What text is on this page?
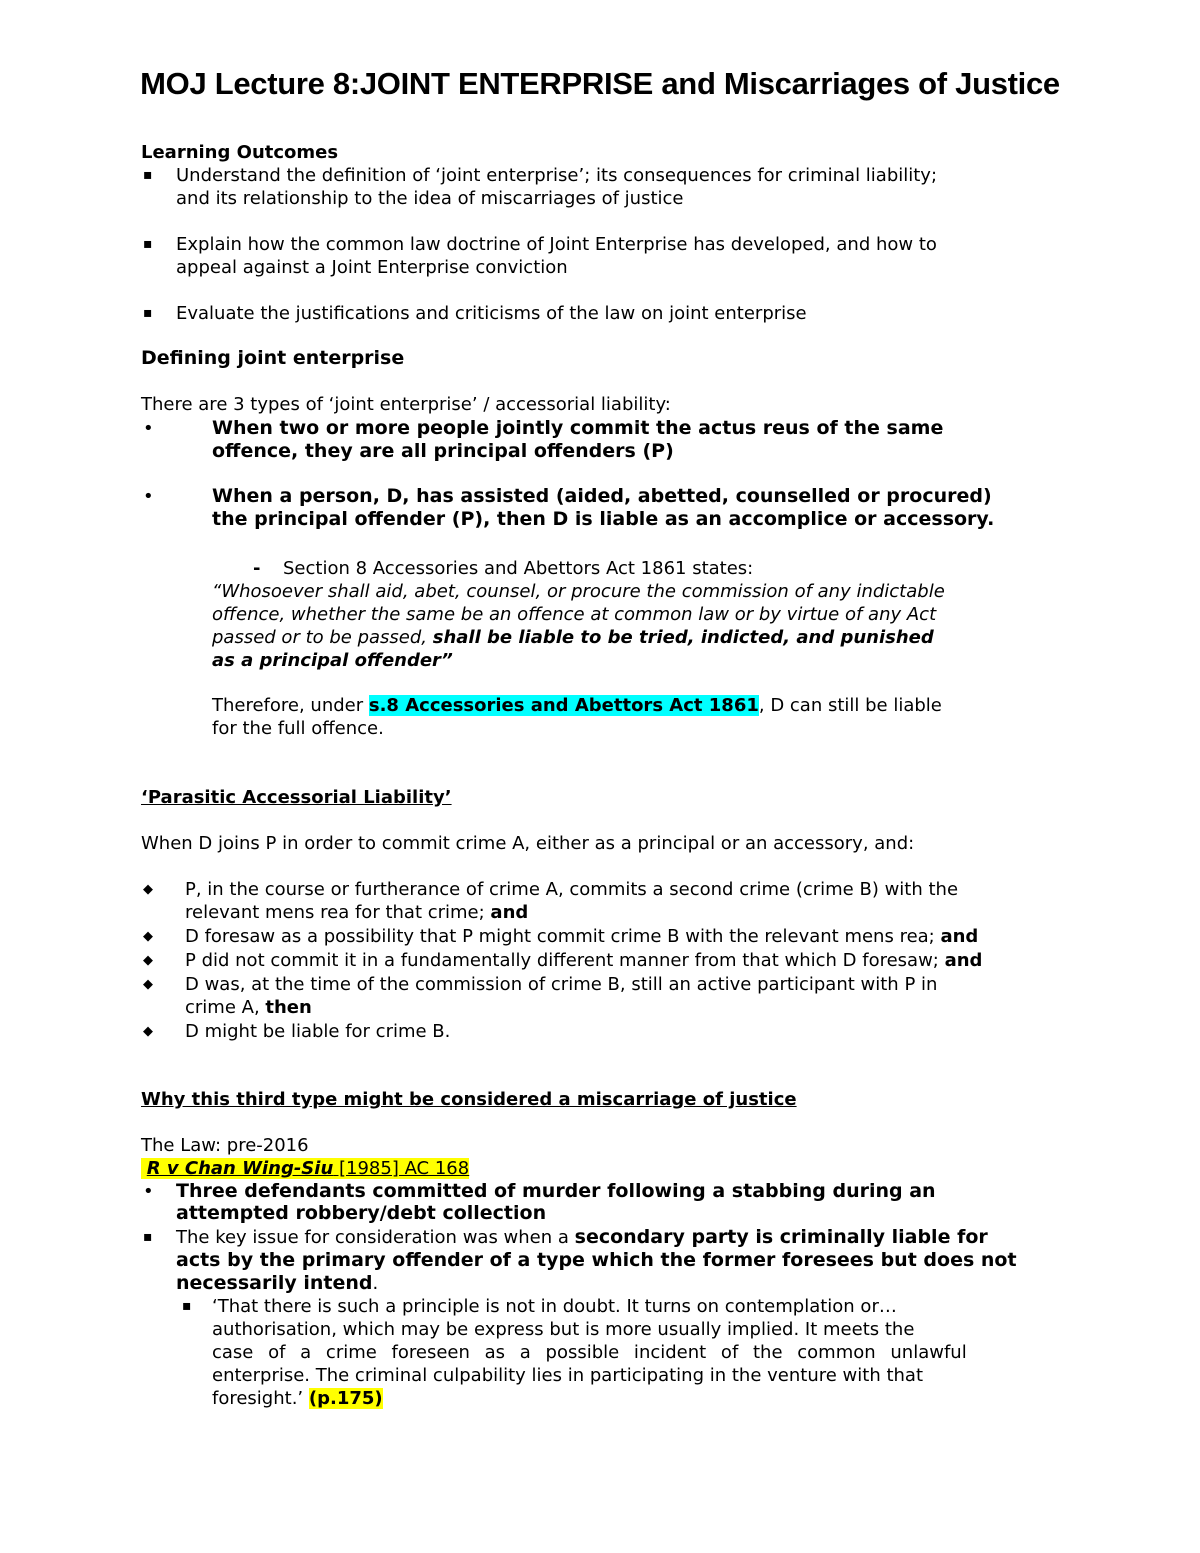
MOJ Lecture 8:JOINT ENTERPRISE and Miscarriages of Justice
Learning Outcomes
▪ Understand the definition of ‘joint enterprise’; its consequences for criminal liability;
and its relationship to the idea of miscarriages of justice
▪ Explain how the common law doctrine of Joint Enterprise has developed, and how to
appeal against a Joint Enterprise conviction
▪ Evaluate the justifications and criticisms of the law on joint enterprise
Defining joint enterprise
There are 3 types of ‘joint enterprise’ / accessorial liability:
•	When two or more people jointly commit the actus reus of the same
offence, they are all principal offenders (P)
•	When a person, D, has assisted (aided, abetted, counselled or procured)
the principal offender (P), then D is liable as an accomplice or accessory.
- Section 8 Accessories and Abettors Act 1861 states:
“Whosoever shall aid, abet, counsel, or procure the commission of any indictable
offence, whether the same be an offence at common law or by virtue of any Act
passed or to be passed, shall be liable to be tried, indicted, and punished
as a principal offender”
Therefore, under s.8 Accessories and Abettors Act 1861, D can still be liable
for the full offence.
‘Parasitic Accessorial Liability’
When D joins P in order to commit crime A, either as a principal or an accessory, and:
◆ P, in the course or furtherance of crime A, commits a second crime (crime B) with the
relevant mens rea for that crime; and
◆ D foresaw as a possibility that P might commit crime B with the relevant mens rea; and
◆ P did not commit it in a fundamentally different manner from that which D foresaw; and
◆ D was, at the time of the commission of crime B, still an active participant with P in
crime A, then
◆ D might be liable for crime B.
Why this third type might be considered a miscarriage of justice
The Law: pre-2016
R v Chan Wing-Siu [1985] AC 168
• Three defendants committed of murder following a stabbing during an
attempted robbery/debt collection
▪ The key issue for consideration was when a secondary party is criminally liable for
acts by the primary offender of a type which the former foresees but does not
necessarily intend.
▪ ‘That there is such a principle is not in doubt. It turns on contemplation or…
authorisation, which may be express but is more usually implied. It meets the
case of a crime foreseen as a possible incident of the common unlawful
enterprise. The criminal culpability lies in participating in the venture with that
foresight.’ (p.175)
